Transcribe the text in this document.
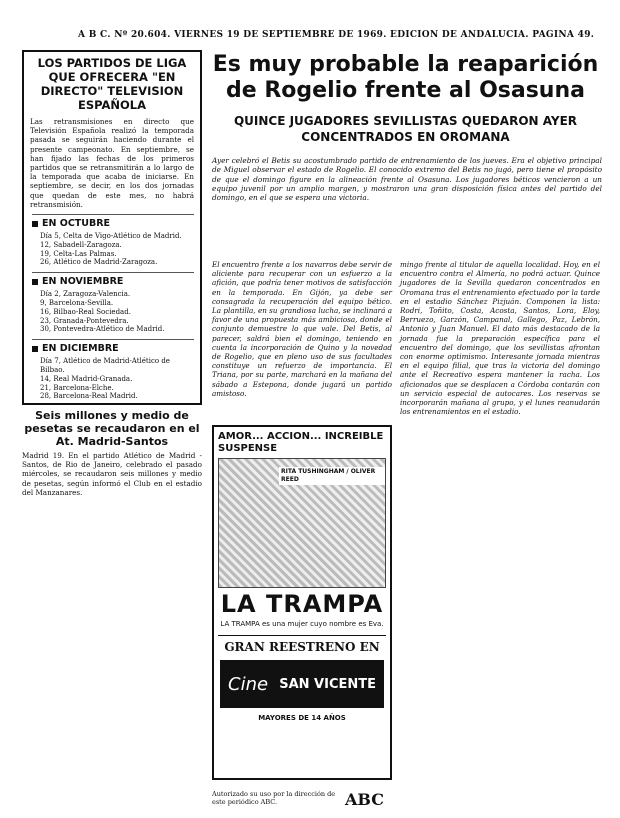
A B C. Nº 20.604. VIERNES 19 DE SEPTIEMBRE DE 1969. EDICION DE ANDALUCIA. PAGINA 49.
LOS PARTIDOS DE LIGA QUE OFRECERA "EN DIRECTO" TELEVISION ESPAÑOLA
Las retransmisiones en directo que Televisión Española realizó la temporada pasada se seguirán haciendo durante el presente campeonato. En septiembre, se han fijado las fechas de los primeros partidos que se retransmitirán a lo largo de la temporada que acaba de iniciarse. En septiembre, se decir, en los dos jornadas que quedan de este mes, no habrá retransmisión.
EN OCTUBRE
Día 5, Celta de Vigo-Atlético de Madrid.
12, Sabadell-Zaragoza.
19, Celta-Las Palmas.
26, Atlético de Madrid-Zaragoza.
EN NOVIEMBRE
Día 2, Zaragoza-Valencia.
9, Barcelona-Sevilla.
16, Bilbao-Real Sociedad.
23, Granada-Pontevedra.
30, Pontevedra-Atlético de Madrid.
EN DICIEMBRE
Día 7, Atlético de Madrid-Atlético de Bilbao.
14, Real Madrid-Granada.
21, Barcelona-Elche.
28, Barcelona-Real Madrid.
Seis millones y medio de pesetas se recaudaron en el At. Madrid-Santos
Madrid 19. En el partido Atlético de Madrid - Santos, de Rio de Janeiro, celebrado el pasado miércoles, se recaudaron seis millones y medio de pesetas, según informó el Club en el estadio del Manzanares.
Es muy probable la reaparición de Rogelio frente al Osasuna
QUINCE JUGADORES SEVILLISTAS QUEDARON AYER CONCENTRADOS EN OROMANA
Ayer celebró el Betis su acostumbrado partido de entrenamiento de los jueves. Era el objetivo principal de Miguel observar el estado de Rogelio. El conocido extremo del Betis no jugó, pero tiene el propósito de que el domingo figure en la alineación frente al Osasuna. Los jugadores béticos vencieron a un equipo juvenil por un amplio margen, y mostraron una gran disposición física antes del partido del domingo, en el que se espera una victoria.
El encuentro frente a los navarros debe servir de aliciente para recuperar con un esfuerzo a la afición, que podría tener motivos de satisfacción en la temporada. En Gijón, ya debe ser consagrada la recuperación del equipo bético. La plantilla, en su grandiosa lucha, se inclinará a favor de una propuesta más ambiciosa, donde el conjunto demuestre lo que vale. Del Betis, al parecer, saldrá bien el domingo, teniendo en cuenta la incorporación de Quino y la novedad de Rogelio, que en pleno uso de sus facultades constituye un refuerzo de importancia. El Triana, por su parte, marchará en la mañana del sábado a Estepona, donde jugará un partido amistoso.
mingo frente al titular de aquella localidad. Hoy, en el encuentro contra el Almería, no podrá actuar. Quince jugadores de la Sevilla quedaron concentrados en Oromana tras el entrenamiento efectuado por la tarde en el estadio Sánchez Pizjuán. Componen la lista: Rodri, Toñito, Costa, Acosta, Santos, Lora, Eloy, Berruezo, Garzón, Campanal, Gallego, Paz, Lebrón, Antonio y Juan Manuel. El dato más destacado de la jornada fue la preparación específica para el encuentro del domingo, que los sevillistas afrontan con enorme optimismo. Interesante jornada mientras en el equipo filial, que tras la victoria del domingo ante el Recreativo espera mantener la racha. Los aficionados que se desplacen a Córdoba contarán con un servicio especial de autocares. Los reservas se incorporarán mañana al grupo, y el lunes reanudarán los entrenamientos en el estadio.
AMOR... ACCION... INCREIBLE SUSPENSE
RITA TUSHINGHAM / OLIVER REED
LA TRAMPA
LA TRAMPA es una mujer cuyo nombre es Eva.
GRAN REESTRENO EN
Cine SAN VICENTE
MAYORES DE 14 AÑOS
Autorizado su uso por la dirección de este periódico ABC.	ABC
